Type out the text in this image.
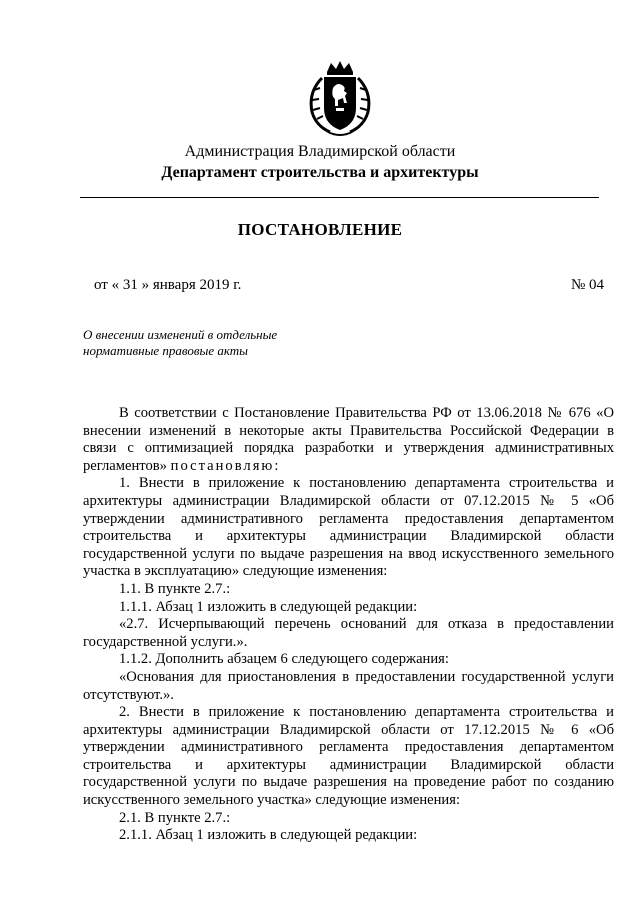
Администрация Владимирской области
Департамент строительства и архитектуры
ПОСТАНОВЛЕНИЕ
от « 31 » января 2019 г.	№ 04
О внесении изменений в отдельные
нормативные правовые акты

В соответствии с Постановление Правительства РФ от 13.06.2018 № 676 «О внесении изменений в некоторые акты Правительства Российской Федерации в связи с оптимизацией порядка разработки и утверждения административных регламентов» постановляю:

1. Внести в приложение к постановлению департамента строительства и архитектуры администрации Владимирской области от 07.12.2015 № 5 «Об утверждении административного регламента предоставления департаментом строительства и архитектуры администрации Владимирской области государственной услуги по выдаче разрешения на ввод искусственного земельного участка в эксплуатацию» следующие изменения:

1.1. В пункте 2.7.:

1.1.1. Абзац 1 изложить в следующей редакции:

«2.7. Исчерпывающий перечень оснований для отказа в предоставлении государственной услуги.».

1.1.2. Дополнить абзацем 6 следующего содержания:

«Основания для приостановления в предоставлении государственной услуги отсутствуют.».

2. Внести в приложение к постановлению департамента строительства и архитектуры администрации Владимирской области от 17.12.2015 № 6 «Об утверждении административного регламента предоставления департаментом строительства и архитектуры администрации Владимирской области государственной услуги по выдаче разрешения на проведение работ по созданию искусственного земельного участка» следующие изменения:

2.1. В пункте 2.7.:

2.1.1. Абзац 1 изложить в следующей редакции:
